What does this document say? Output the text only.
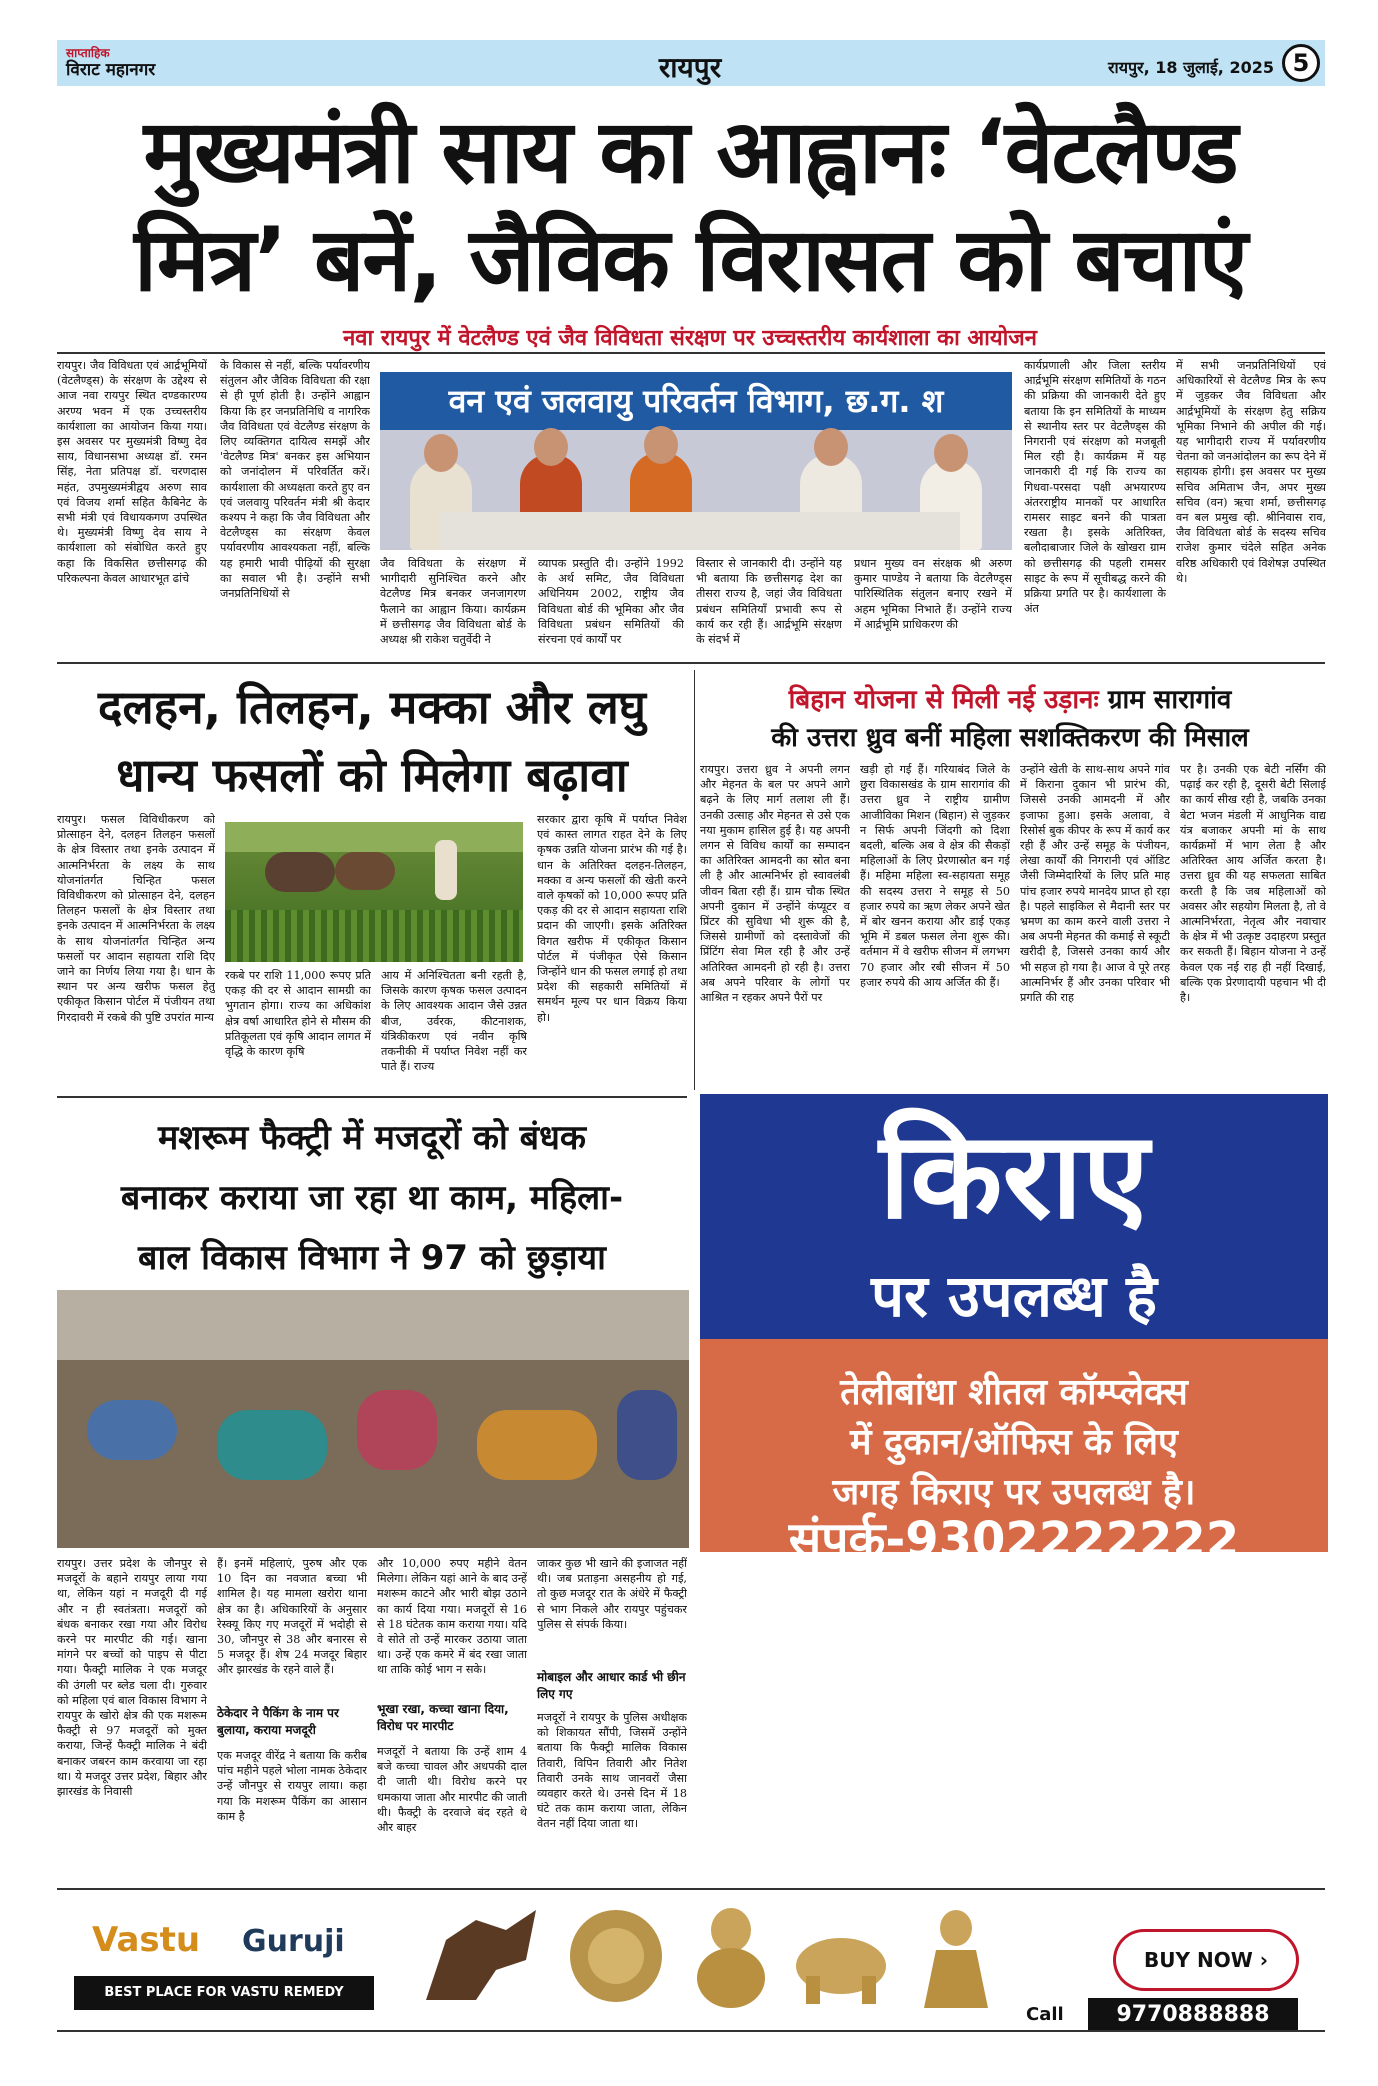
साप्ताहिक
विराट महानगर	रायपुर	रायपुर, 18 जुलाई, 2025 5
मुख्यमंत्री साय का आह्वानः ‘वेटलैण्ड
मित्र’ बनें, जैविक विरासत को बचाएं
नवा रायपुर में वेटलैण्ड एवं जैव विविधता संरक्षण पर उच्चस्तरीय कार्यशाला का आयोजन
रायपुर। जैव विविधता एवं आर्द्रभूमियों (वेटलैण्ड्स) के संरक्षण के उद्देश्य से आज नवा रायपुर स्थित दण्डकारण्य अरण्य भवन में एक उच्चस्तरीय कार्यशाला का आयोजन किया गया। इस अवसर पर मुख्यमंत्री विष्णु देव साय, विधानसभा अध्यक्ष डॉ. रमन सिंह, नेता प्रतिपक्ष डॉ. चरणदास महंत, उपमुख्यमंत्रीद्वय अरुण साव एवं विजय शर्मा सहित कैबिनेट के सभी मंत्री एवं विधायकगण उपस्थित थे। मुख्यमंत्री विष्णु देव साय ने कार्यशाला को संबोधित करते हुए कहा कि विकसित छत्तीसगढ़ की परिकल्पना केवल आधारभूत ढांचे
के विकास से नहीं, बल्कि पर्यावरणीय संतुलन और जैविक विविधता की रक्षा से ही पूर्ण होती है। उन्होंने आह्वान किया कि हर जनप्रतिनिधि व नागरिक जैव विविधता एवं वेटलैण्ड संरक्षण के लिए व्यक्तिगत दायित्व समझें और 'वेटलैण्ड मित्र' बनकर इस अभियान को जनांदोलन में परिवर्तित करें। कार्यशाला की अध्यक्षता करते हुए वन एवं जलवायु परिवर्तन मंत्री श्री केदार कश्यप ने कहा कि जैव विविधता और वेटलैण्ड्स का संरक्षण केवल पर्यावरणीय आवश्यकता नहीं, बल्कि यह हमारी भावी पीढ़ियों की सुरक्षा का सवाल भी है। उन्होंने सभी जनप्रतिनिधियों से
वन एवं जलवायु परिवर्तन विभाग, छ.ग. श
जैव विविधता के संरक्षण में भागीदारी सुनिश्चित करने और वेटलैण्ड मित्र बनकर जनजागरण फैलाने का आह्वान किया। कार्यक्रम में छत्तीसगढ़ जैव विविधता बोर्ड के अध्यक्ष श्री राकेश चतुर्वेदी ने
व्यापक प्रस्तुति दी। उन्होंने 1992 के अर्थ समिट, जैव विविधता अधिनियम 2002, राष्ट्रीय जैव विविधता बोर्ड की भूमिका और जैव विविधता प्रबंधन समितियों की संरचना एवं कार्यों पर
विस्तार से जानकारी दी। उन्होंने यह भी बताया कि छत्तीसगढ़ देश का तीसरा राज्य है, जहां जैव विविधता प्रबंधन समितियाँ प्रभावी रूप से कार्य कर रही हैं। आर्द्रभूमि संरक्षण के संदर्भ में
प्रधान मुख्य वन संरक्षक श्री अरुण कुमार पाण्डेय ने बताया कि वेटलैण्ड्स पारिस्थितिक संतुलन बनाए रखने में अहम भूमिका निभाते हैं। उन्होंने राज्य में आर्द्रभूमि प्राधिकरण की
कार्यप्रणाली और जिला स्तरीय आर्द्रभूमि संरक्षण समितियों के गठन की प्रक्रिया की जानकारी देते हुए बताया कि इन समितियों के माध्यम से स्थानीय स्तर पर वेटलैण्ड्स की निगरानी एवं संरक्षण को मजबूती मिल रही है। कार्यक्रम में यह जानकारी दी गई कि राज्य का गिधवा-परसदा पक्षी अभयारण्य अंतरराष्ट्रीय मानकों पर आधारित रामसर साइट बनने की पात्रता रखता है। इसके अतिरिक्त, बलौदाबाजार जिले के खोखरा ग्राम को छत्तीसगढ़ की पहली रामसर साइट के रूप में सूचीबद्ध करने की प्रक्रिया प्रगति पर है। कार्यशाला के अंत
में सभी जनप्रतिनिधियों एवं अधिकारियों से वेटलैण्ड मित्र के रूप में जुड़कर जैव विविधता और आर्द्रभूमियों के संरक्षण हेतु सक्रिय भूमिका निभाने की अपील की गई। यह भागीदारी राज्य में पर्यावरणीय चेतना को जनआंदोलन का रूप देने में सहायक होगी। इस अवसर पर मुख्य सचिव अमिताभ जैन, अपर मुख्य सचिव (वन) ऋचा शर्मा, छत्तीसगढ़ वन बल प्रमुख व्ही. श्रीनिवास राव, जैव विविधता बोर्ड के सदस्य सचिव राजेश कुमार चंदेले सहित अनेक वरिष्ठ अधिकारी एवं विशेषज्ञ उपस्थित थे।
दलहन, तिलहन, मक्का और लघु
धान्य फसलों को मिलेगा बढ़ावा
रायपुर। फसल विविधीकरण को प्रोत्साहन देने, दलहन तिलहन फसलों के क्षेत्र विस्तार तथा इनके उत्पादन में आत्मनिर्भरता के लक्ष्य के साथ योजनांतर्गत चिन्हित फसल विविधीकरण को प्रोत्साहन देने, दलहन तिलहन फसलों के क्षेत्र विस्तार तथा इनके उत्पादन में आत्मनिर्भरता के लक्ष्य के साथ योजनांतर्गत चिन्हित अन्य फसलों पर आदान सहायता राशि दिए जाने का निर्णय लिया गया है। धान के स्थान पर अन्य खरीफ फसल हेतु एकीकृत किसान पोर्टल में पंजीयन तथा गिरदावरी में रकबे की पुष्टि उपरांत मान्य
रकबे पर राशि 11,000 रूपए प्रति एकड़ की दर से आदान सामग्री का भुगतान होगा। राज्य का अधिकांश क्षेत्र वर्षा आधारित होने से मौसम की प्रतिकूलता एवं कृषि आदान लागत में वृद्धि के कारण कृषि
आय में अनिश्चितता बनी रहती है, जिसके कारण कृषक फसल उत्पादन के लिए आवश्यक आदान जैसे उन्नत बीज, उर्वरक, कीटनाशक, यंत्रिकीकरण एवं नवीन कृषि तकनीकी में पर्याप्त निवेश नहीं कर पाते हैं। राज्य
सरकार द्वारा कृषि में पर्याप्त निवेश एवं कास्त लागत राहत देने के लिए कृषक उन्नति योजना प्रारंभ की गई है। धान के अतिरिक्त दलहन-तिलहन, मक्का व अन्य फसलों की खेती करने वाले कृषकों को 10,000 रूपए प्रति एकड़ की दर से आदान सहायता राशि प्रदान की जाएगी। इसके अतिरिक्त विगत खरीफ में एकीकृत किसान पोर्टल में पंजीकृत ऐसे किसान जिन्होंने धान की फसल लगाई हो तथा प्रदेश की सहकारी समितियों में समर्थन मूल्य पर धान विक्रय किया हो।
बिहान योजना से मिली नई उड़ानः ग्राम सारागांव
की उत्तरा ध्रुव बनीं महिला सशक्तिकरण की मिसाल
रायपुर। उत्तरा ध्रुव ने अपनी लगन और मेहनत के बल पर अपने आगे बढ़ने के लिए मार्ग तलाश ली हैं। उनकी उत्साह और मेहनत से उसे एक नया मुकाम हासिल हुई है। यह अपनी लगन से विविध कार्यों का सम्पादन का अतिरिक्त आमदनी का स्रोत बना ली है और आत्मनिर्भर हो स्वावलंबी जीवन बिता रही हैं। ग्राम चौक स्थित अपनी दुकान में उन्होंने कंप्यूटर व प्रिंटर की सुविधा भी शुरू की है, जिससे ग्रामीणों को दस्तावेजों की प्रिंटिंग सेवा मिल रही है और उन्हें अतिरिक्त आमदनी हो रही है। उत्तरा अब अपने परिवार के लोगों पर आश्रित न रहकर अपने पैरों पर
खड़ी हो गई हैं। गरियाबंद जिले के छुरा विकासखंड के ग्राम सारागांव की उत्तरा ध्रुव ने राष्ट्रीय ग्रामीण आजीविका मिशन (बिहान) से जुड़कर न सिर्फ अपनी जिंदगी को दिशा बदली, बल्कि अब वे क्षेत्र की सैकड़ों महिलाओं के लिए प्रेरणास्रोत बन गई हैं। महिमा महिला स्व-सहायता समूह की सदस्य उत्तरा ने समूह से 50 हजार रुपये का ऋण लेकर अपने खेत में बोर खनन कराया और डाई एकड़ भूमि में डबल फसल लेना शुरू की। वर्तमान में वे खरीफ सीजन में लगभग 70 हजार और रबी सीजन में 50 हजार रुपये की आय अर्जित की हैं।
उन्होंने खेती के साथ-साथ अपने गांव में किराना दुकान भी प्रारंभ की, जिससे उनकी आमदनी में और इजाफा हुआ। इसके अलावा, वे रिसोर्स बुक कीपर के रूप में कार्य कर रही हैं और उन्हें समूह के पंजीयन, लेखा कार्यों की निगरानी एवं ऑडिट जैसी जिम्मेदारियों के लिए प्रति माह पांच हजार रुपये मानदेय प्राप्त हो रहा है। पहले साइकिल से मैदानी स्तर पर भ्रमण का काम करने वाली उत्तरा ने अब अपनी मेहनत की कमाई से स्कूटी खरीदी है, जिससे उनका कार्य और भी सहज हो गया है। आज वे पूरे तरह आत्मनिर्भर हैं और उनका परिवार भी प्रगति की राह
पर है। उनकी एक बेटी नर्सिंग की पढ़ाई कर रही है, दूसरी बेटी सिलाई का कार्य सीख रही है, जबकि उनका बेटा भजन मंडली में आधुनिक वाद्य यंत्र बजाकर अपनी मां के साथ कार्यक्रमों में भाग लेता है और अतिरिक्त आय अर्जित करता है। उत्तरा ध्रुव की यह सफलता साबित करती है कि जब महिलाओं को अवसर और सहयोग मिलता है, तो वे आत्मनिर्भरता, नेतृत्व और नवाचार के क्षेत्र में भी उत्कृष्ट उदाहरण प्रस्तुत कर सकती हैं। बिहान योजना ने उन्हें केवल एक नई राह ही नहीं दिखाई, बल्कि एक प्रेरणादायी पहचान भी दी है।
मशरूम फैक्ट्री में मजदूरों को बंधक
बनाकर कराया जा रहा था काम, महिला-
बाल विकास विभाग ने 97 को छुड़ाया
रायपुर। उत्तर प्रदेश के जौनपुर से मजदूरों के बहाने रायपुर लाया गया था, लेकिन यहां न मजदूरी दी गई और न ही स्वतंत्रता। मजदूरों को बंधक बनाकर रखा गया और विरोध करने पर मारपीट की गई। खाना मांगने पर बच्चों को पाइप से पीटा गया। फैक्ट्री मालिक ने एक मजदूर की उंगली पर ब्लेड चला दी। गुरुवार को महिला एवं बाल विकास विभाग ने रायपुर के खोरो क्षेत्र की एक मशरूम फैक्ट्री से 97 मजदूरों को मुक्त कराया, जिन्हें फैक्ट्री मालिक ने बंदी बनाकर जबरन काम करवाया जा रहा था। ये मजदूर उत्तर प्रदेश, बिहार और झारखंड के निवासी
हैं। इनमें महिलाएं, पुरुष और एक 10 दिन का नवजात बच्चा भी शामिल है। यह मामला खरोरा थाना क्षेत्र का है। अधिकारियों के अनुसार रेस्क्यू किए गए मजदूरों में भदोही से 30, जौनपुर से 38 और बनारस से 5 मजदूर हैं। शेष 24 मजदूर बिहार और झारखंड के रहने वाले हैं।
ठेकेदार ने पैकिंग के नाम पर बुलाया, कराया मजदूरी
एक मजदूर वीरेंद्र ने बताया कि करीब पांच महीने पहले भोला नामक ठेकेदार उन्हें जौनपुर से रायपुर लाया। कहा गया कि मशरूम पैकिंग का आसान काम है
और 10,000 रुपए महीने वेतन मिलेगा। लेकिन यहां आने के बाद उन्हें मशरूम काटने और भारी बोझ उठाने का कार्य दिया गया। मजदूरों से 16 से 18 घंटेतक काम कराया गया। यदि वे सोते तो उन्हें मारकर उठाया जाता था। उन्हें एक कमरे में बंद रखा जाता था ताकि कोई भाग न सके।
भूखा रखा, कच्चा खाना दिया, विरोध पर मारपीट
मजदूरों ने बताया कि उन्हें शाम 4 बजे कच्चा चावल और अधपकी दाल दी जाती थी। विरोध करने पर धमकाया जाता और मारपीट की जाती थी। फैक्ट्री के दरवाजे बंद रहते थे और बाहर
जाकर कुछ भी खाने की इजाजत नहीं थी। जब प्रताड़ना असहनीय हो गई, तो कुछ मजदूर रात के अंधेरे में फैक्ट्री से भाग निकले और रायपुर पहुंचकर पुलिस से संपर्क किया।
मोबाइल और आधार कार्ड भी छीन लिए गए
मजदूरों ने रायपुर के पुलिस अधीक्षक को शिकायत सौंपी, जिसमें उन्होंने बताया कि फैक्ट्री मालिक विकास तिवारी, विपिन तिवारी और नितेश तिवारी उनके साथ जानवरों जैसा व्यवहार करते थे। उनसे दिन में 18 घंटे तक काम कराया जाता, लेकिन वेतन नहीं दिया जाता था।
किराए
पर उपलब्ध है
तेलीबांधा शीतल कॉम्प्लेक्स
में दुकान/ऑफिस के लिए
जगह किराए पर उपलब्ध है।
संपर्क-9302222222
Vastu Guruji
BEST PLACE FOR VASTU REMEDY
BUY NOW ›
Call	9770888888
